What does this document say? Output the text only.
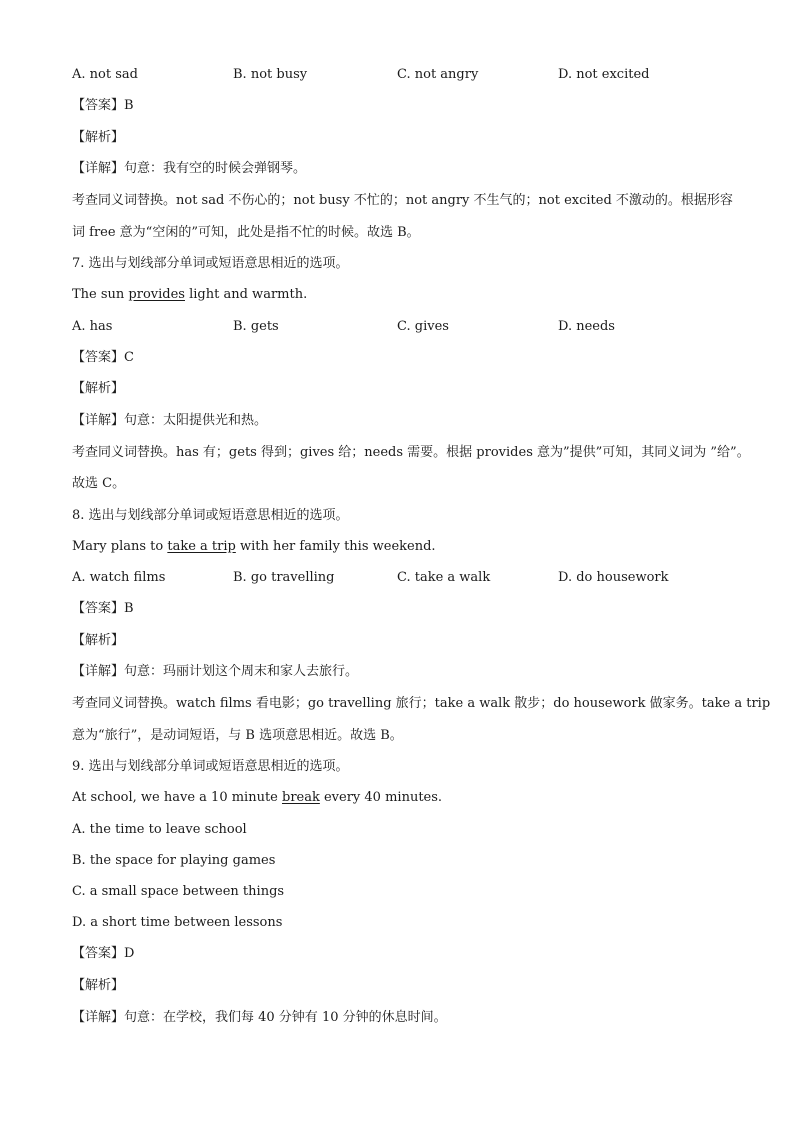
A. not sad	B. not busy	C. not angry	D. not excited
【答案】B
【解析】
【详解】句意：我有空的时候会弹钢琴。
考查同义词替换。not sad 不伤心的；not busy 不忙的；not angry 不生气的；not excited 不激动的。根据形容
词 free 意为“空闲的”可知，此处是指不忙的时候。故选 B。
7. 选出与划线部分单词或短语意思相近的选项。
The sun provides light and warmth.
A. has	B. gets	C. gives	D. needs
【答案】C
【解析】
【详解】句意：太阳提供光和热。
考查同义词替换。has 有；gets 得到；gives 给；needs 需要。根据 provides 意为”提供”可知，其同义词为 ”给”。
故选 C。
8. 选出与划线部分单词或短语意思相近的选项。
Mary plans to take a trip with her family this weekend.
A. watch films	B. go travelling	C. take a walk	D. do housework
【答案】B
【解析】
【详解】句意：玛丽计划这个周末和家人去旅行。
考查同义词替换。watch films 看电影；go travelling 旅行；take a walk 散步；do housework 做家务。take a trip
意为“旅行”，是动词短语，与 B 选项意思相近。故选 B。
9. 选出与划线部分单词或短语意思相近的选项。
At school, we have a 10 minute break every 40 minutes.
A. the time to leave school
B. the space for playing games
C. a small space between things
D. a short time between lessons
【答案】D
【解析】
【详解】句意：在学校，我们每 40 分钟有 10 分钟的休息时间。
